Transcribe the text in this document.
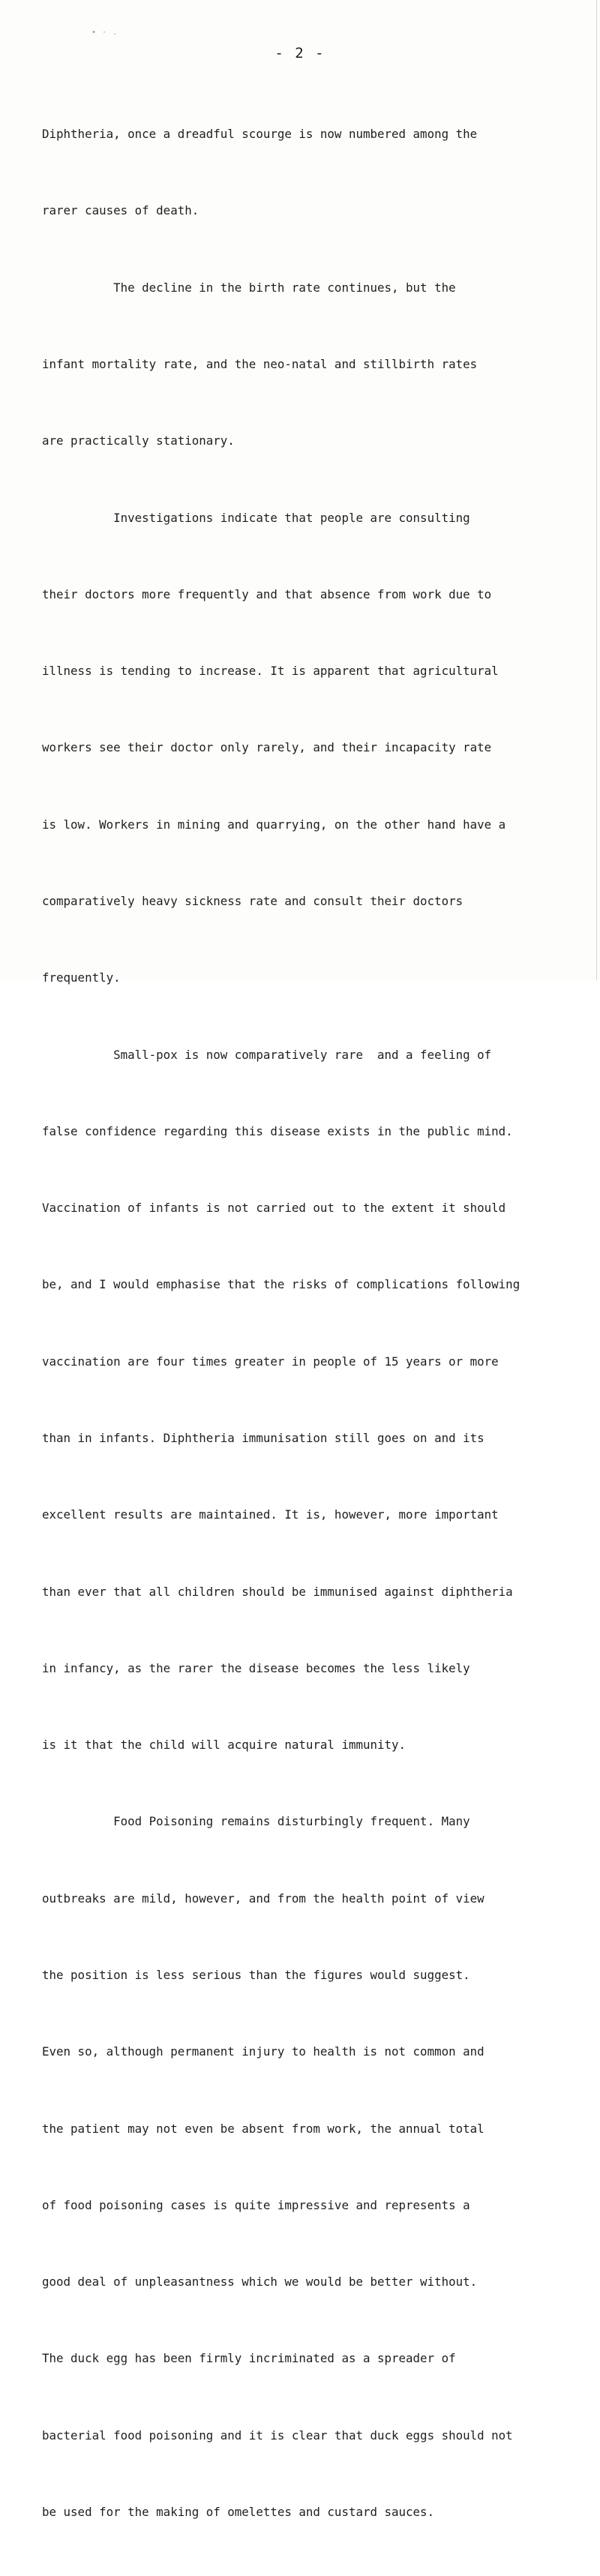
• · .
- 2 -

Diphtheria, once a dreadful scourge is now numbered among the

rarer causes of death.

The decline in the birth rate continues, but the

infant mortality rate, and the neo-natal and stillbirth rates

are practically stationary.

Investigations indicate that people are consulting

their doctors more frequently and that absence from work due to

illness is tending to increase. It is apparent that agricultural

workers see their doctor only rarely, and their incapacity rate

is low. Workers in mining and quarrying, on the other hand have a

comparatively heavy sickness rate and consult their doctors

frequently.

Small-pox is now comparatively rare  and a feeling of

false confidence regarding this disease exists in the public mind.

Vaccination of infants is not carried out to the extent it should

be, and I would emphasise that the risks of complications following

vaccination are four times greater in people of 15 years or more

than in infants. Diphtheria immunisation still goes on and its

excellent results are maintained. It is, however, more important

than ever that all children should be immunised against diphtheria

in infancy, as the rarer the disease becomes the less likely

is it that the child will acquire natural immunity.

Food Poisoning remains disturbingly frequent. Many

outbreaks are mild, however, and from the health point of view

the position is less serious than the figures would suggest.

Even so, although permanent injury to health is not common and

the patient may not even be absent from work, the annual total

of food poisoning cases is quite impressive and represents a

good deal of unpleasantness which we would be better without.

The duck egg has been firmly incriminated as a spreader of

bacterial food poisoning and it is clear that duck eggs should not

be used for the making of omelettes and custard sauces.
